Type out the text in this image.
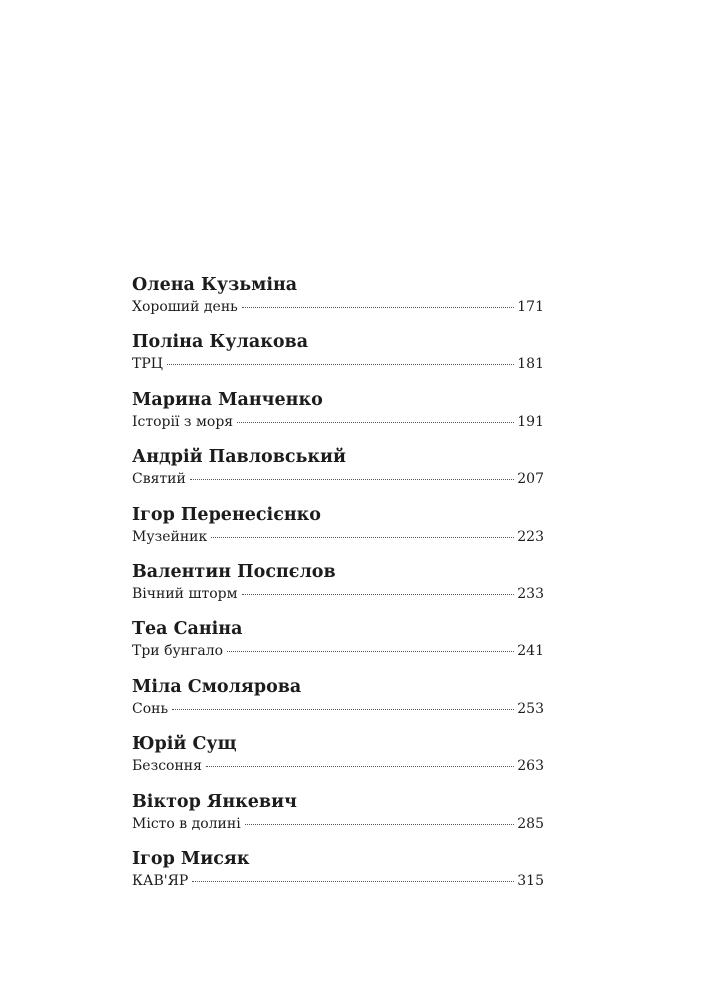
Олена Кузьміна
Хороший день	171
Поліна Кулакова
ТРЦ	181
Марина Манченко
Історії з моря	191
Андрій Павловський
Святий	207
Ігор Перенесієнко
Музейник	223
Валентин Поспєлов
Вічний шторм	233
Теа Саніна
Три бунгало	241
Міла Смолярова
Сонь	253
Юрій Сущ
Безсоння	263
Віктор Янкевич
Місто в долині	285
Ігор Мисяк
КАВ'ЯР	315
